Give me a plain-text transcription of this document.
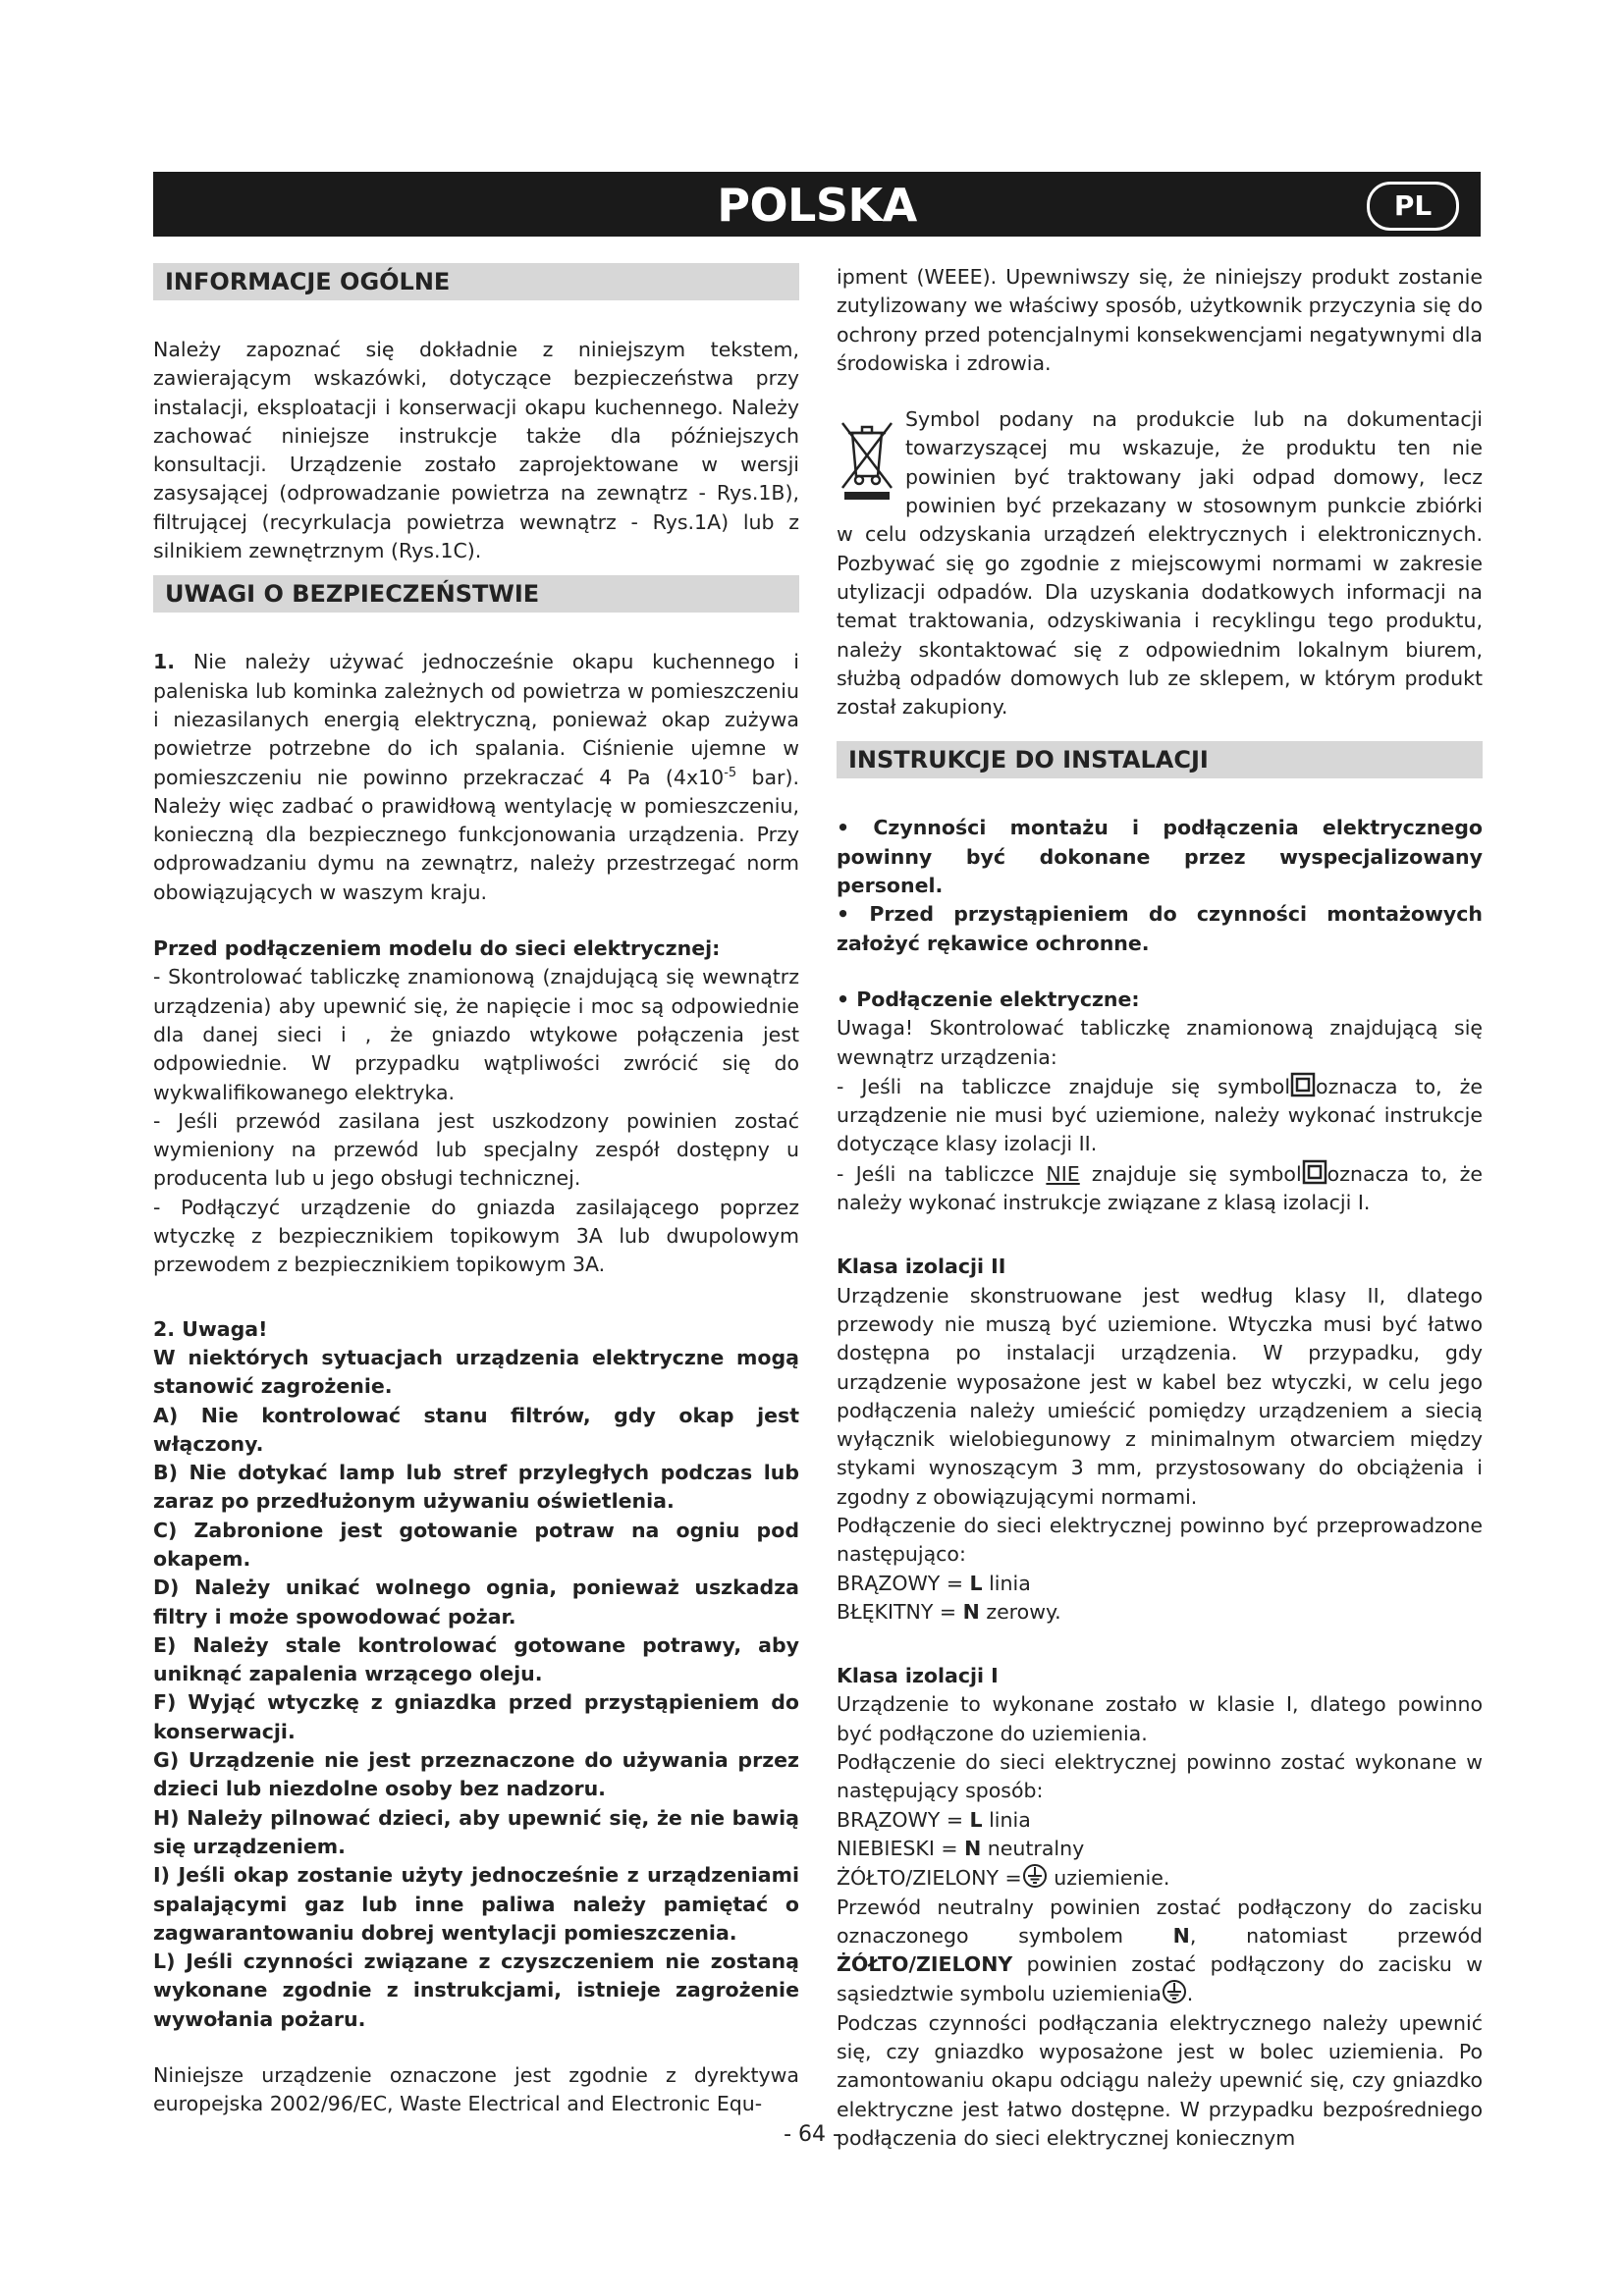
POLSKA	PL
INFORMACJE OGÓLNE

Należy zapoznać się dokładnie z niniejszym tekstem, zawierającym wskazówki, dotyczące bezpieczeństwa przy instalacji, eksploatacji i konserwacji okapu kuchennego. Należy zachować niniejsze instrukcje także dla późniejszych konsultacji. Urządzenie zostało zaprojektowane w wersji zasysającej (odprowadzanie powietrza na zewnątrz - Rys.1B), filtrującej (recyrkulacja powietrza wewnątrz - Rys.1A) lub z silnikiem zewnętrznym (Rys.1C).

UWAGI O BEZPIECZEŃSTWIE

1. Nie należy używać jednocześnie okapu kuchennego i paleniska lub kominka zależnych od powietrza w pomieszczeniu i niezasilanych energią elektryczną, ponieważ okap zużywa powietrze potrzebne do ich spalania. Ciśnienie ujemne w pomieszczeniu nie powinno przekraczać 4 Pa ($4x10^{-5}$ bar). Należy więc zadbać o prawidłową wentylację w pomieszczeniu, konieczną dla bezpiecznego funkcjonowania urządzenia. Przy odprowadzaniu dymu na zewnątrz, należy przestrzegać norm obowiązujących w waszym kraju.

Przed podłączeniem modelu do sieci elektrycznej:

- Skontrolować tabliczkę znamionową (znajdującą się wewnątrz urządzenia) aby upewnić się, że napięcie i moc są odpowiednie dla danej sieci i , że gniazdo wtykowe połączenia jest odpowiednie. W przypadku wątpliwości zwrócić się do wykwalifikowanego elektryka.

- Jeśli przewód zasilana jest uszkodzony powinien zostać wymieniony na przewód lub specjalny zespół dostępny u producenta lub u jego obsługi technicznej.

- Podłączyć urządzenie do gniazda zasilającego poprzez wtyczkę z bezpiecznikiem topikowym 3A lub dwupolowym przewodem z bezpiecznikiem topikowym 3A.

2. Uwaga!

W niektórych sytuacjach urządzenia elektryczne mogą stanowić zagrożenie.

A) Nie kontrolować stanu filtrów, gdy okap jest włączony.

B) Nie dotykać lamp lub stref przyległych podczas lub zaraz po przedłużonym używaniu oświetlenia.

C) Zabronione jest gotowanie potraw na ogniu pod okapem.

D) Należy unikać wolnego ognia, ponieważ uszkadza filtry i może spowodować pożar.

E) Należy stale kontrolować gotowane potrawy, aby uniknąć zapalenia wrzącego oleju.

F) Wyjąć wtyczkę z gniazdka przed przystąpieniem do konserwacji.

G) Urządzenie nie jest przeznaczone do używania przez dzieci lub niezdolne osoby bez nadzoru.

H) Należy pilnować dzieci, aby upewnić się, że nie bawią się urządzeniem.

I) Jeśli okap zostanie użyty jednocześnie z urządzeniami spalającymi gaz lub inne paliwa należy pamiętać o zagwarantowaniu dobrej wentylacji pomieszczenia.

L) Jeśli czynności związane z czyszczeniem nie zostaną wykonane zgodnie z instrukcjami, istnieje zagrożenie wywołania pożaru.

Niniejsze urządzenie oznaczone jest zgodnie z dyrektywa europejska 2002/96/EC, Waste Electrical and Electronic Equ-

ipment (WEEE). Upewniwszy się, że niniejszy produkt zostanie zutylizowany we właściwy sposób, użytkownik przyczynia się do ochrony przed potencjalnymi konsekwencjami negatywnymi dla środowiska i zdrowia.

Symbol podany na produkcie lub na dokumentacji towarzyszącej mu wskazuje, że produktu ten nie powinien być traktowany jaki odpad domowy, lecz powinien być przekazany w stosownym punkcie zbiórki w celu odzyskania urządzeń elektrycznych i elektronicznych. Pozbywać się go zgodnie z miejscowymi normami w zakresie utylizacji odpadów. Dla uzyskania dodatkowych informacji na temat traktowania, odzyskiwania i recyklingu tego produktu, należy skontaktować się z odpowiednim lokalnym biurem, służbą odpadów domowych lub ze sklepem, w którym produkt został zakupiony.

INSTRUKCJE DO INSTALACJI

• Czynności montażu i podłączenia elektrycznego powinny być dokonane przez wyspecjalizowany personel.

• Przed przystąpieniem do czynności montażowych założyć rękawice ochronne.

• Podłączenie elektryczne:

Uwaga! Skontrolować tabliczkę znamionową znajdującą się wewnątrz urządzenia:

- Jeśli na tabliczce znajduje się symbol oznacza to, że urządzenie nie musi być uziemione, należy wykonać instrukcje dotyczące klasy izolacji II.

- Jeśli na tabliczce NIE znajduje się symbol oznacza to, że należy wykonać instrukcje związane z klasą izolacji I.

Klasa izolacji II

Urządzenie skonstruowane jest według klasy II, dlatego przewody nie muszą być uziemione. Wtyczka musi być łatwo dostępna po instalacji urządzenia. W przypadku, gdy urządzenie wyposażone jest w kabel bez wtyczki, w celu jego podłączenia należy umieścić pomiędzy urządzeniem a siecią wyłącznik wielobiegunowy z minimalnym otwarciem między stykami wynoszącym 3 mm, przystosowany do obciążenia i zgodny z obowiązującymi normami.

Podłączenie do sieci elektrycznej powinno być przeprowadzone następująco:

BRĄZOWY = L linia

BŁĘKITNY = N zerowy.

Klasa izolacji I

Urządzenie to wykonane zostało w klasie I, dlatego powinno być podłączone do uziemienia.

Podłączenie do sieci elektrycznej powinno zostać wykonane w następujący sposób:

BRĄZOWY = L linia

NIEBIESKI = N neutralny

ŻÓŁTO/ZIELONY = uziemienie.

Przewód neutralny powinien zostać podłączony do zacisku oznaczonego symbolem N, natomiast przewód ŻÓŁTO/ZIELONY powinien zostać podłączony do zacisku w sąsiedztwie symbolu uziemienia .

Podczas czynności podłączania elektrycznego należy upewnić się, czy gniazdko wyposażone jest w bolec uziemienia. Po zamontowaniu okapu odciągu należy upewnić się, czy gniazdko elektryczne jest łatwo dostępne. W przypadku bezpośredniego podłączenia do sieci elektrycznej koniecznym

- 64 -
